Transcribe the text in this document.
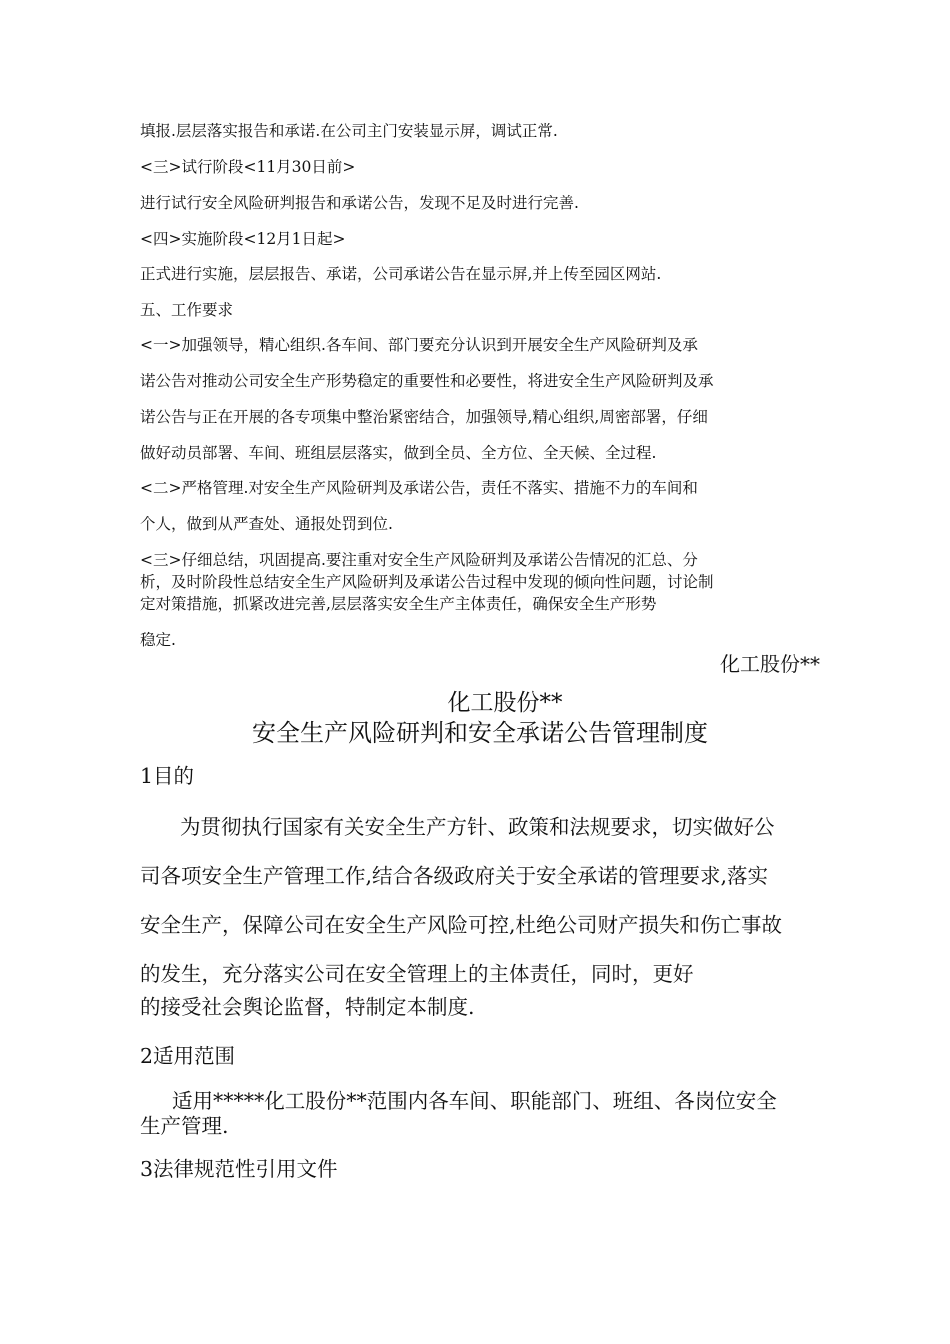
填报.层层落实报告和承诺.在公司主门安装显示屏，调试正常.
<三>试行阶段<11月30日前>
进行试行安全风险研判报告和承诺公告，发现不足及时进行完善.
<四>实施阶段<12月1日起>
正式进行实施，层层报告、承诺，公司承诺公告在显示屏,并上传至园区网站.
五、工作要求
<一>加强领导，精心组织.各车间、部门要充分认识到开展安全生产风险研判及承
诺公告对推动公司安全生产形势稳定的重要性和必要性，将进安全生产风险研判及承
诺公告与正在开展的各专项集中整治紧密结合，加强领导,精心组织,周密部署，仔细
做好动员部署、车间、班组层层落实，做到全员、全方位、全天候、全过程.
<二>严格管理.对安全生产风险研判及承诺公告，责任不落实、措施不力的车间和
个人，做到从严查处、通报处罚到位.
<三>仔细总结，巩固提高.要注重对安全生产风险研判及承诺公告情况的汇总、分
析，及时阶段性总结安全生产风险研判及承诺公告过程中发现的倾向性问题，讨论制
定对策措施，抓紧改进完善,层层落实安全生产主体责任，确保安全生产形势
稳定.
化工股份**
化工股份**
安全生产风险研判和安全承诺公告管理制度
1目的
为贯彻执行国家有关安全生产方针、政策和法规要求，切实做好公
司各项安全生产管理工作,结合各级政府关于安全承诺的管理要求,落实
安全生产，保障公司在安全生产风险可控,杜绝公司财产损失和伤亡事故
的发生，充分落实公司在安全管理上的主体责任，同时，更好
的接受社会舆论监督，特制定本制度.
2适用范围
适用*****化工股份**范围内各车间、职能部门、班组、各岗位安全
生产管理.
3法律规范性引用文件
